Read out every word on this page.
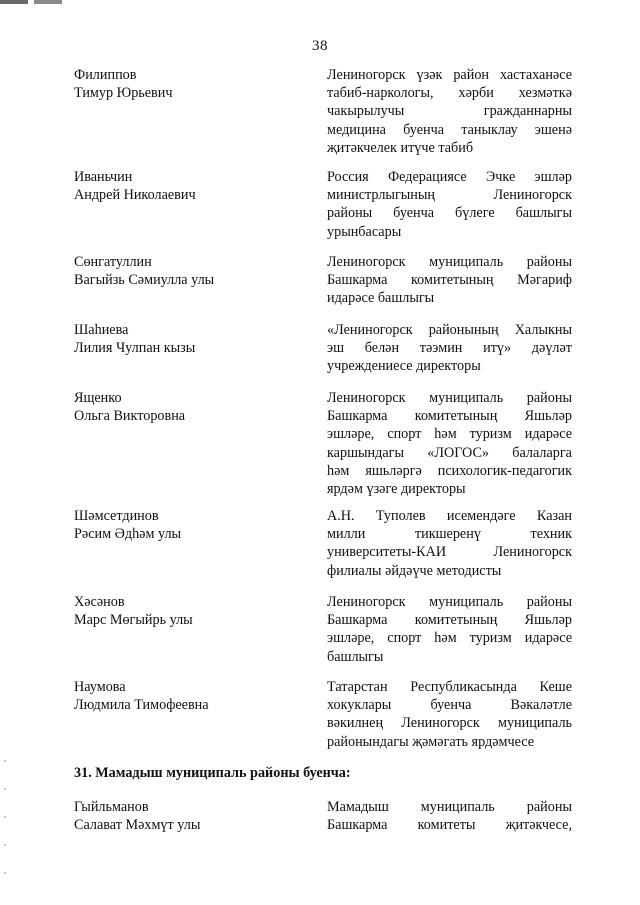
38
Филиппов
Тимур Юрьевич
Лениногорск үзәк район хастаханәсе
табиб-наркологы, хәрби хезмәткә
чакырылучы гражданнарны
медицина буенча таныклау эшенә
җитәкчелек итүче табиб
Иваньчин
Андрей Николаевич
Россия Федерациясе Эчке эшләр
министрлыгының Лениногорск
районы буенча бүлеге башлыгы
урынбасары
Сөнгатуллин
Вагыйзь Сәмиулла улы
Лениногорск муниципаль районы
Башкарма комитетының Мәгариф
идарәсе башлыгы
Шаһиева
Лилия Чулпан кызы
«Лениногорск районының Халыкны
эш белән тәэмин итү» дәүләт
учреждениесе директоры
Ященко
Ольга Викторовна
Лениногорск муниципаль районы
Башкарма комитетының Яшьләр
эшләре, спорт һәм туризм идарәсе
каршындагы «ЛОГОС» балаларга
һәм яшьләргә психологик-педагогик
ярдәм үзәге директоры
Шәмсетдинов
Рәсим Әдһәм улы
А.Н. Туполев исемендәге Казан
милли тикшеренү техник
университеты-КАИ Лениногорск
филиалы әйдәүче методисты
Хәсәнов
Марс Мөгыйрь улы
Лениногорск муниципаль районы
Башкарма комитетының Яшьләр
эшләре, спорт һәм туризм идарәсе
башлыгы
Наумова
Людмила Тимофеевна
Татарстан Республикасында Кеше
хокуклары буенча Вәкаләтле
вәкилнең Лениногорск муниципаль
районындагы җәмәгать ярдәмчесе
31. Мамадыш муниципаль районы буенча:
Гыйльманов
Салават Мәхмүт улы
Мамадыш муниципаль районы
Башкарма комитеты җитәкчесе,
